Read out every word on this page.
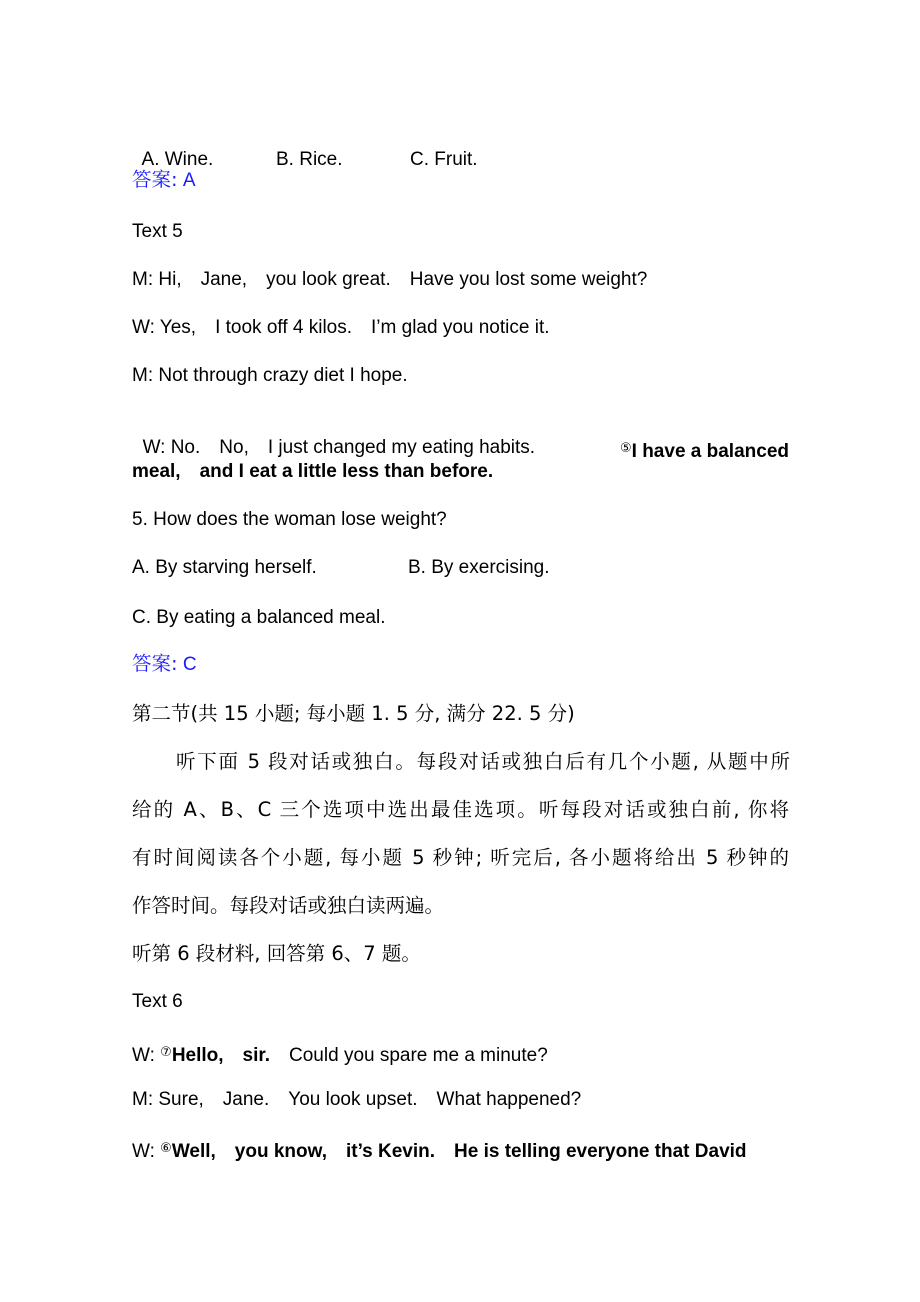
A. Wine.	B. Rice.	C. Fruit.

答案: A
Text 5
M: Hi,　Jane,　you look great.　Have you lost some weight?
W: Yes,　I took off 4 kilos.　I’m glad you notice it.
M: Not through crazy diet I hope.

W: No.　No,　I just changed my eating habits.	⑤I have a balanced

meal,　and I eat a little less than before.
5. How does the woman lose weight?
A. By starving herself.	B. By exercising.
C. By eating a balanced meal.
答案: C
第二节(共 15 小题; 每小题 1. 5 分, 满分 22. 5 分)
听下面 5 段对话或独白。每段对话或独白后有几个小题, 从题中所
给的 A、B、C 三个选项中选出最佳选项。听每段对话或独白前, 你将
有时间阅读各个小题, 每小题 5 秒钟; 听完后, 各小题将给出 5 秒钟的
作答时间。每段对话或独白读两遍。
听第 6 段材料, 回答第 6、7 题。
Text 6
W: ⑦Hello,　sir.　Could you spare me a minute?
M: Sure,　Jane.　You look upset.　What happened?
W: ⑥Well,　you know,　it’s Kevin.　He is telling everyone that David
